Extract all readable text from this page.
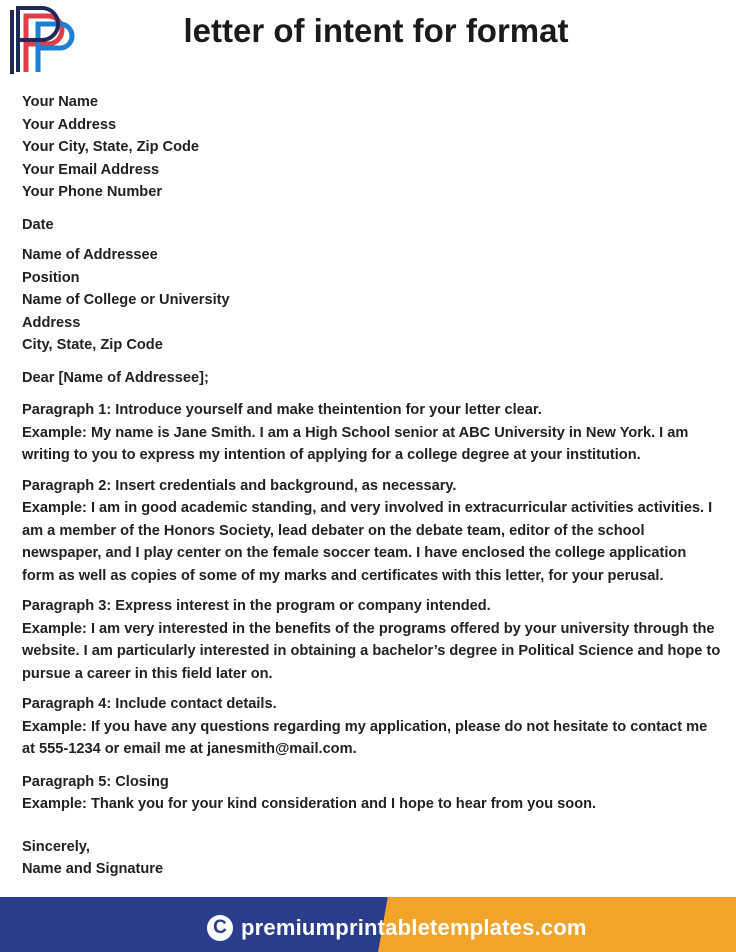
letter of intent for format
Your Name
Your Address
Your City, State, Zip Code
Your Email Address
Your Phone Number
Date
Name of Addressee
Position
Name of College or University
Address
City, State, Zip Code
Dear [Name of Addressee];
Paragraph 1: Introduce yourself and make theintention for your letter clear.
Example: My name is Jane Smith. I am a High School senior at ABC University in New York. I am
writing to you to express my intention of applying for a college degree at your institution.
Paragraph 2: Insert credentials and background, as necessary.
Example: I am in good academic standing, and very involved in extracurricular activities activities. I
am a member of the Honors Society, lead debater on the debate team, editor of the school
newspaper, and I play center on the female soccer team. I have enclosed the college application
form as well as copies of some of my marks and certificates with this letter, for your perusal.
Paragraph 3: Express interest in the program or company intended.
Example: I am very interested in the benefits of the programs offered by your university through the
website. I am particularly interested in obtaining a bachelor’s degree in Political Science and hope to
pursue a career in this field later on.
Paragraph 4: Include contact details.
Example: If you have any questions regarding my application, please do not hesitate to contact me
at 555-1234 or email me at janesmith@mail.com.
Paragraph 5: Closing
Example: Thank you for your kind consideration and I hope to hear from you soon.
Sincerely,
Name and Signature
C premiumprintabletemplates.com
